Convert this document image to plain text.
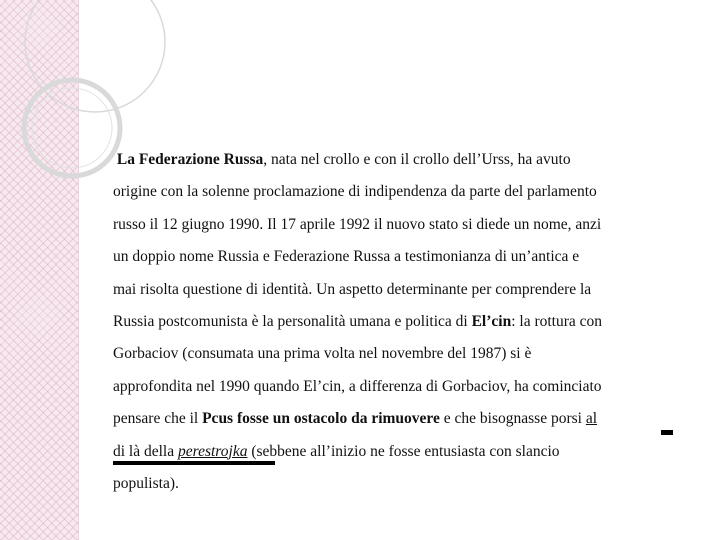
La Federazione Russa, nata nel crollo e con il crollo dell’Urss, ha avuto
origine con la solenne proclamazione di indipendenza da parte del parlamento
russo il 12 giugno 1990. Il 17 aprile 1992 il nuovo stato si diede un nome, anzi
un doppio nome Russia e Federazione Russa a testimonianza di un’antica e
mai risolta questione di identità. Un aspetto determinante per comprendere la
Russia postcomunista è la personalità umana e politica di El’cin: la rottura con
Gorbaciov (consumata una prima volta nel novembre del 1987) si è
approfondita nel 1990 quando El’cin, a differenza di Gorbaciov, ha cominciato
pensare che il Pcus fosse un ostacolo da rimuovere e che bisognasse porsi al
di là della perestrojka (sebbene all’inizio ne fosse entusiasta con slancio
populista).
